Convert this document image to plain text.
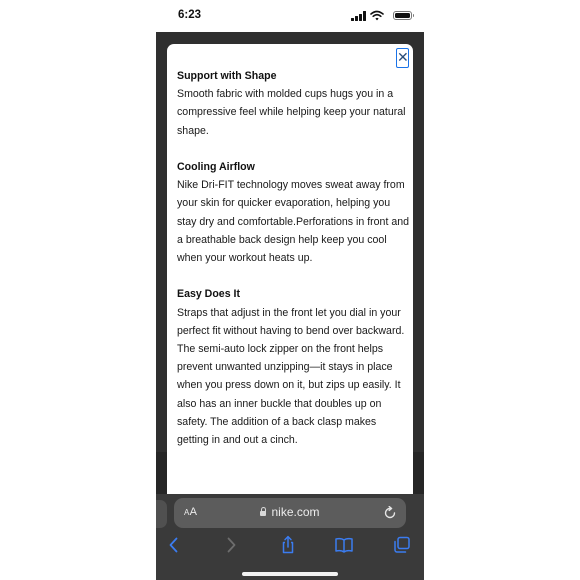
6:23
✕
Support with Shape

Smooth fabric with molded cups hugs you in a compressive feel while helping keep your natural shape.

Cooling Airflow

Nike Dri-FIT technology moves sweat away from your skin for quicker evaporation, helping you stay dry and comfortable.Perforations in front and a breathable back design help keep you cool when your workout heats up.

Easy Does It

Straps that adjust in the front let you dial in your perfect fit without having to bend over backward. The semi-auto lock zipper on the front helps prevent unwanted unzipping—it stays in place when you press down on it, but zips up easily. It also has an inner buckle that doubles up on safety. The addition of a back clasp makes getting in and out a cinch.

AA	nike.com
